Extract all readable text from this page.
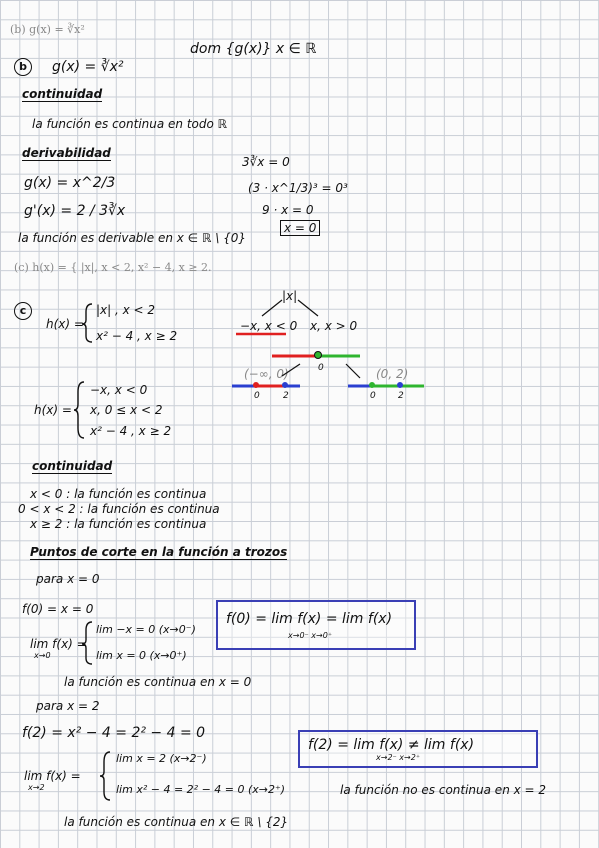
(b) g(x) = ∛x²
b	g(x) = ∛x²
dom {g(x)} x ∈ ℝ
continuidad
la función es continua en todo ℝ
derivabilidad
g(x) = x^2/3
g'(x) = 2 / 3∛x
3∛x = 0
(3 · x^1/3)³ = 0³
9 · x = 0
x = 0
la función es derivable en x ∈ ℝ \ {0}
(c) h(x) = { |x|, x < 2, x² − 4, x ≥ 2.
c
h(x) =
|x| , x < 2
x² − 4 , x ≥ 2
|x|
−x, x < 0 x, x > 0
(−∞, 0)	(0, 2)
0
0	2	0 2
h(x) =
−x, x < 0
x, 0 ≤ x < 2
x² − 4 , x ≥ 2
continuidad
x < 0 : la función es continua
0 < x < 2 : la función es continua
x ≥ 2 : la función es continua
Puntos de corte en la función a trozos
para x = 0
f(0) = x = 0
lim f(x) =
x→0
lim −x = 0 (x→0⁻)
lim x = 0 (x→0⁺)
f(0) = lim f(x) = lim f(x)
x→0⁻ x→0⁺
la función es continua en x = 0
para x = 2
f(2) = x² − 4 = 2² − 4 = 0
lim f(x) =
x→2
lim x = 2 (x→2⁻)
lim x² − 4 = 2² − 4 = 0 (x→2⁺)
f(2) = lim f(x) ≠ lim f(x)
x→2⁻ x→2⁺
la función no es continua en x = 2
la función es continua en x ∈ ℝ \ {2}
